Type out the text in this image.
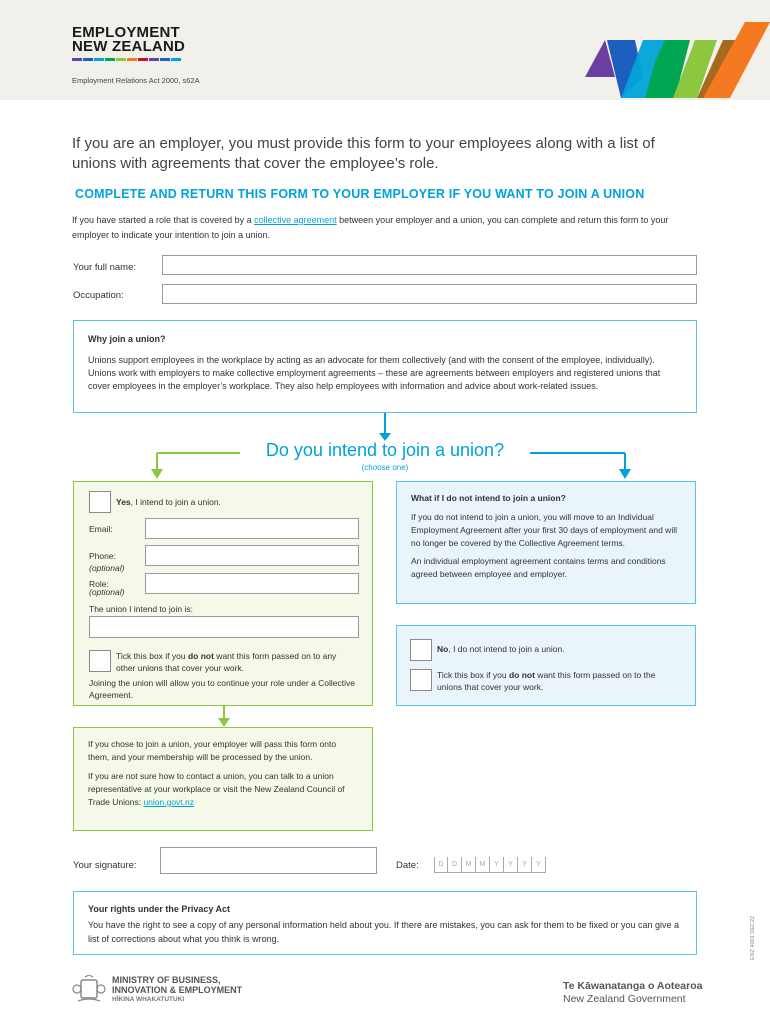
EMPLOYMENT
NEW ZEALAND
Employment Relations Act 2000, s62A
If you are an employer, you must provide this form to your employees along with a list of unions with agreements that cover the employee’s role.
COMPLETE AND RETURN THIS FORM TO YOUR EMPLOYER IF YOU WANT TO JOIN A UNION
If you have started a role that is covered by a collective agreement between your employer and a union, you can complete and return this form to your employer to indicate your intention to join a union.
Your full name:
Occupation:
Why join a union?
Unions support employees in the workplace by acting as an advocate for them collectively (and with the consent of the employee, individually). Unions work with employers to make collective employment agreements – these are agreements between employers and registered unions that cover employees in the employer’s workplace. They also help employees with information and advice about work-related issues.
Do you intend to join a union?
(choose one)
Yes, I intend to join a union.
Email:
Phone:
(optional)
Role:
(optional)
The union I intend to join is:
Tick this box if you do not want this form passed on to any other unions that cover your work.
Joining the union will allow you to continue your role under a Collective Agreement.
What if I do not intend to join a union?
If you do not intend to join a union, you will move to an Individual Employment Agreement after your first 30 days of employment and will no longer be covered by the Collective Agreement terms.
An individual employment agreement contains terms and conditions agreed between employee and employer.
No, I do not intend to join a union.
Tick this box if you do not want this form passed on to the unions that cover your work.
If you chose to join a union, your employer will pass this form onto them, and your membership will be processed by the union.
If you are not sure how to contact a union, you can talk to a union representative at your workplace or visit the New Zealand Council of Trade Unions: union.govt.nz
Your signature:	Date:	D	D	M	M	Y	Y	Y	Y
Your rights under the Privacy Act
You have the right to see a copy of any personal information held about you. If there are mistakes, you can ask for them to be fixed or you can give a list of corrections about what you think is wrong.
MINISTRY OF BUSINESS,
INNOVATION & EMPLOYMENT
HĪKINA WHAKATUTUKI
Te Kāwanatanga o Aotearoa
New Zealand Government
ENZ 4001 DEC22
